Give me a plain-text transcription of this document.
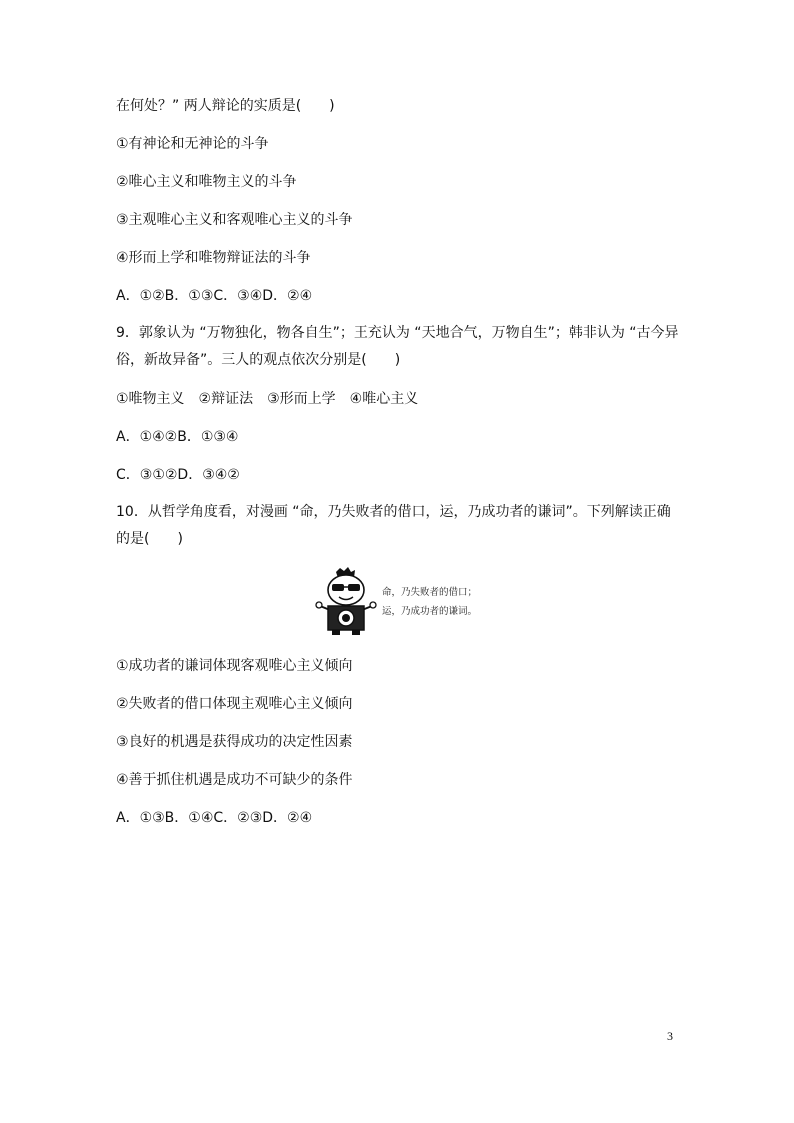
在何处？” 两人辩论的实质是(　　)
①有神论和无神论的斗争
②唯心主义和唯物主义的斗争
③主观唯心主义和客观唯心主义的斗争
④形而上学和唯物辩证法的斗争
A．①②B．①③C．③④D．②④
9．郭象认为 “万物独化，物各自生”；王充认为 “天地合气，万物自生”；韩非认为 “古今异俗，新故异备”。三人的观点依次分别是(　　)
①唯物主义　②辩证法　③形而上学　④唯心主义
A．①④②B．①③④
C．③①②D．③④②
10．从哲学角度看，对漫画 “命，乃失败者的借口，运，乃成功者的谦词”。下列解读正确的是(　　)
命，乃失败者的借口；
运，乃成功者的谦词。
①成功者的谦词体现客观唯心主义倾向
②失败者的借口体现主观唯心主义倾向
③良好的机遇是获得成功的决定性因素
④善于抓住机遇是成功不可缺少的条件
A．①③B．①④C．②③D．②④
3
